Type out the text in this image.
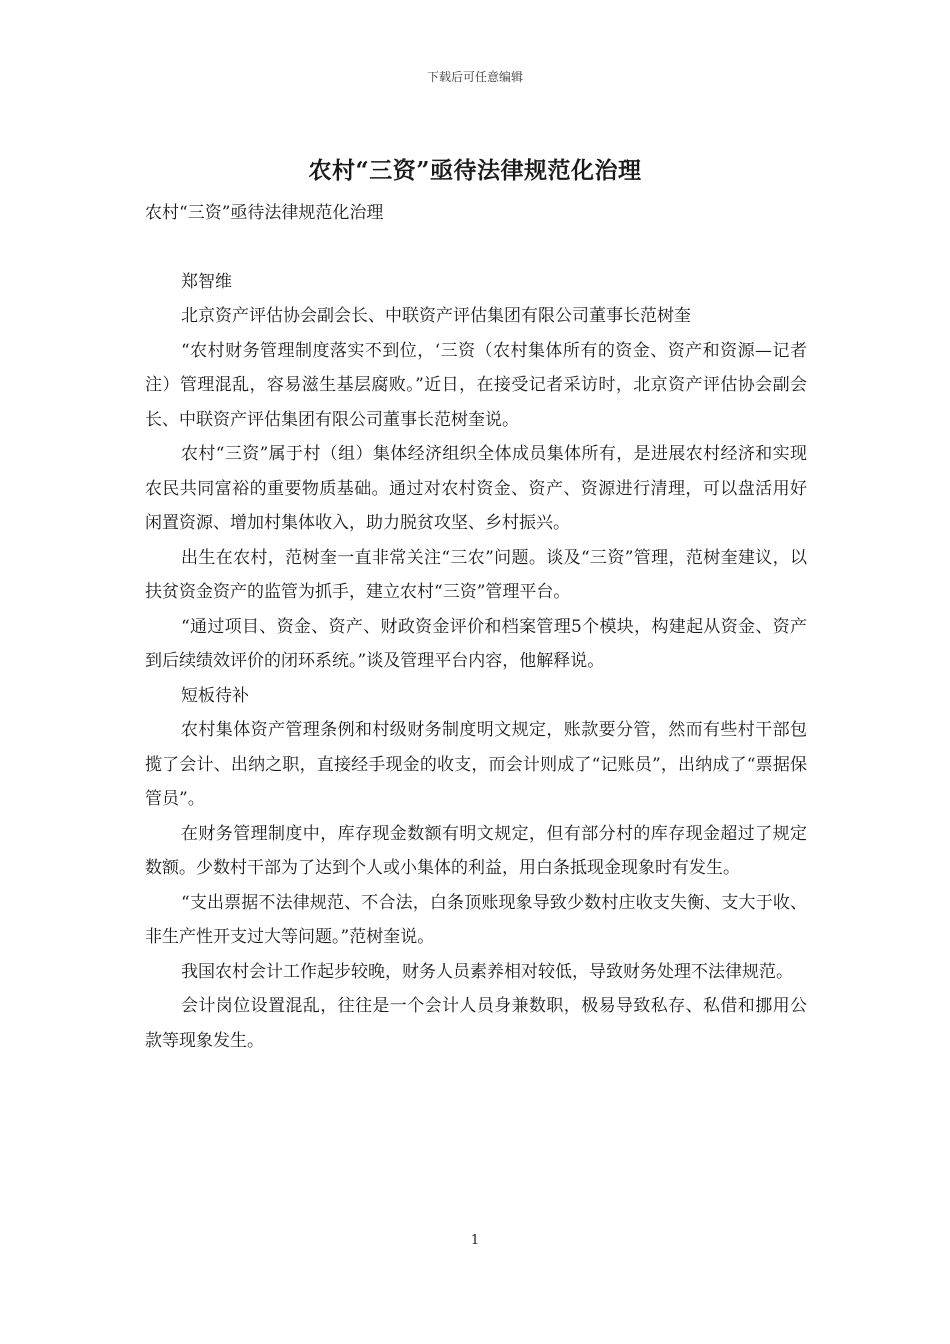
下载后可任意编辑
农村“三资”亟待法律规范化治理

农村“三资”亟待法律规范化治理

郑智维

北京资产评估协会副会长、中联资产评估集团有限公司董事长范树奎

“农村财务管理制度落实不到位，‘三资（农村集体所有的资金、资产和资源—记者注）管理混乱，容易滋生基层腐败。”近日，在接受记者采访时，北京资产评估协会副会长、中联资产评估集团有限公司董事长范树奎说。

农村“三资”属于村（组）集体经济组织全体成员集体所有，是进展农村经济和实现农民共同富裕的重要物质基础。通过对农村资金、资产、资源进行清理，可以盘活用好闲置资源、增加村集体收入，助力脱贫攻坚、乡村振兴。

出生在农村，范树奎一直非常关注“三农”问题。谈及“三资”管理，范树奎建议，以扶贫资金资产的监管为抓手，建立农村“三资”管理平台。

“通过项目、资金、资产、财政资金评价和档案管理5个模块，构建起从资金、资产到后续绩效评价的闭环系统。”谈及管理平台内容，他解释说。

短板待补

农村集体资产管理条例和村级财务制度明文规定，账款要分管，然而有些村干部包揽了会计、出纳之职，直接经手现金的收支，而会计则成了“记账员”，出纳成了“票据保管员”。

在财务管理制度中，库存现金数额有明文规定，但有部分村的库存现金超过了规定数额。少数村干部为了达到个人或小集体的利益，用白条抵现金现象时有发生。

“支出票据不法律规范、不合法，白条顶账现象导致少数村庄收支失衡、支大于收、非生产性开支过大等问题。”范树奎说。

我国农村会计工作起步较晚，财务人员素养相对较低，导致财务处理不法律规范。

会计岗位设置混乱，往往是一个会计人员身兼数职，极易导致私存、私借和挪用公款等现象发生。

1
